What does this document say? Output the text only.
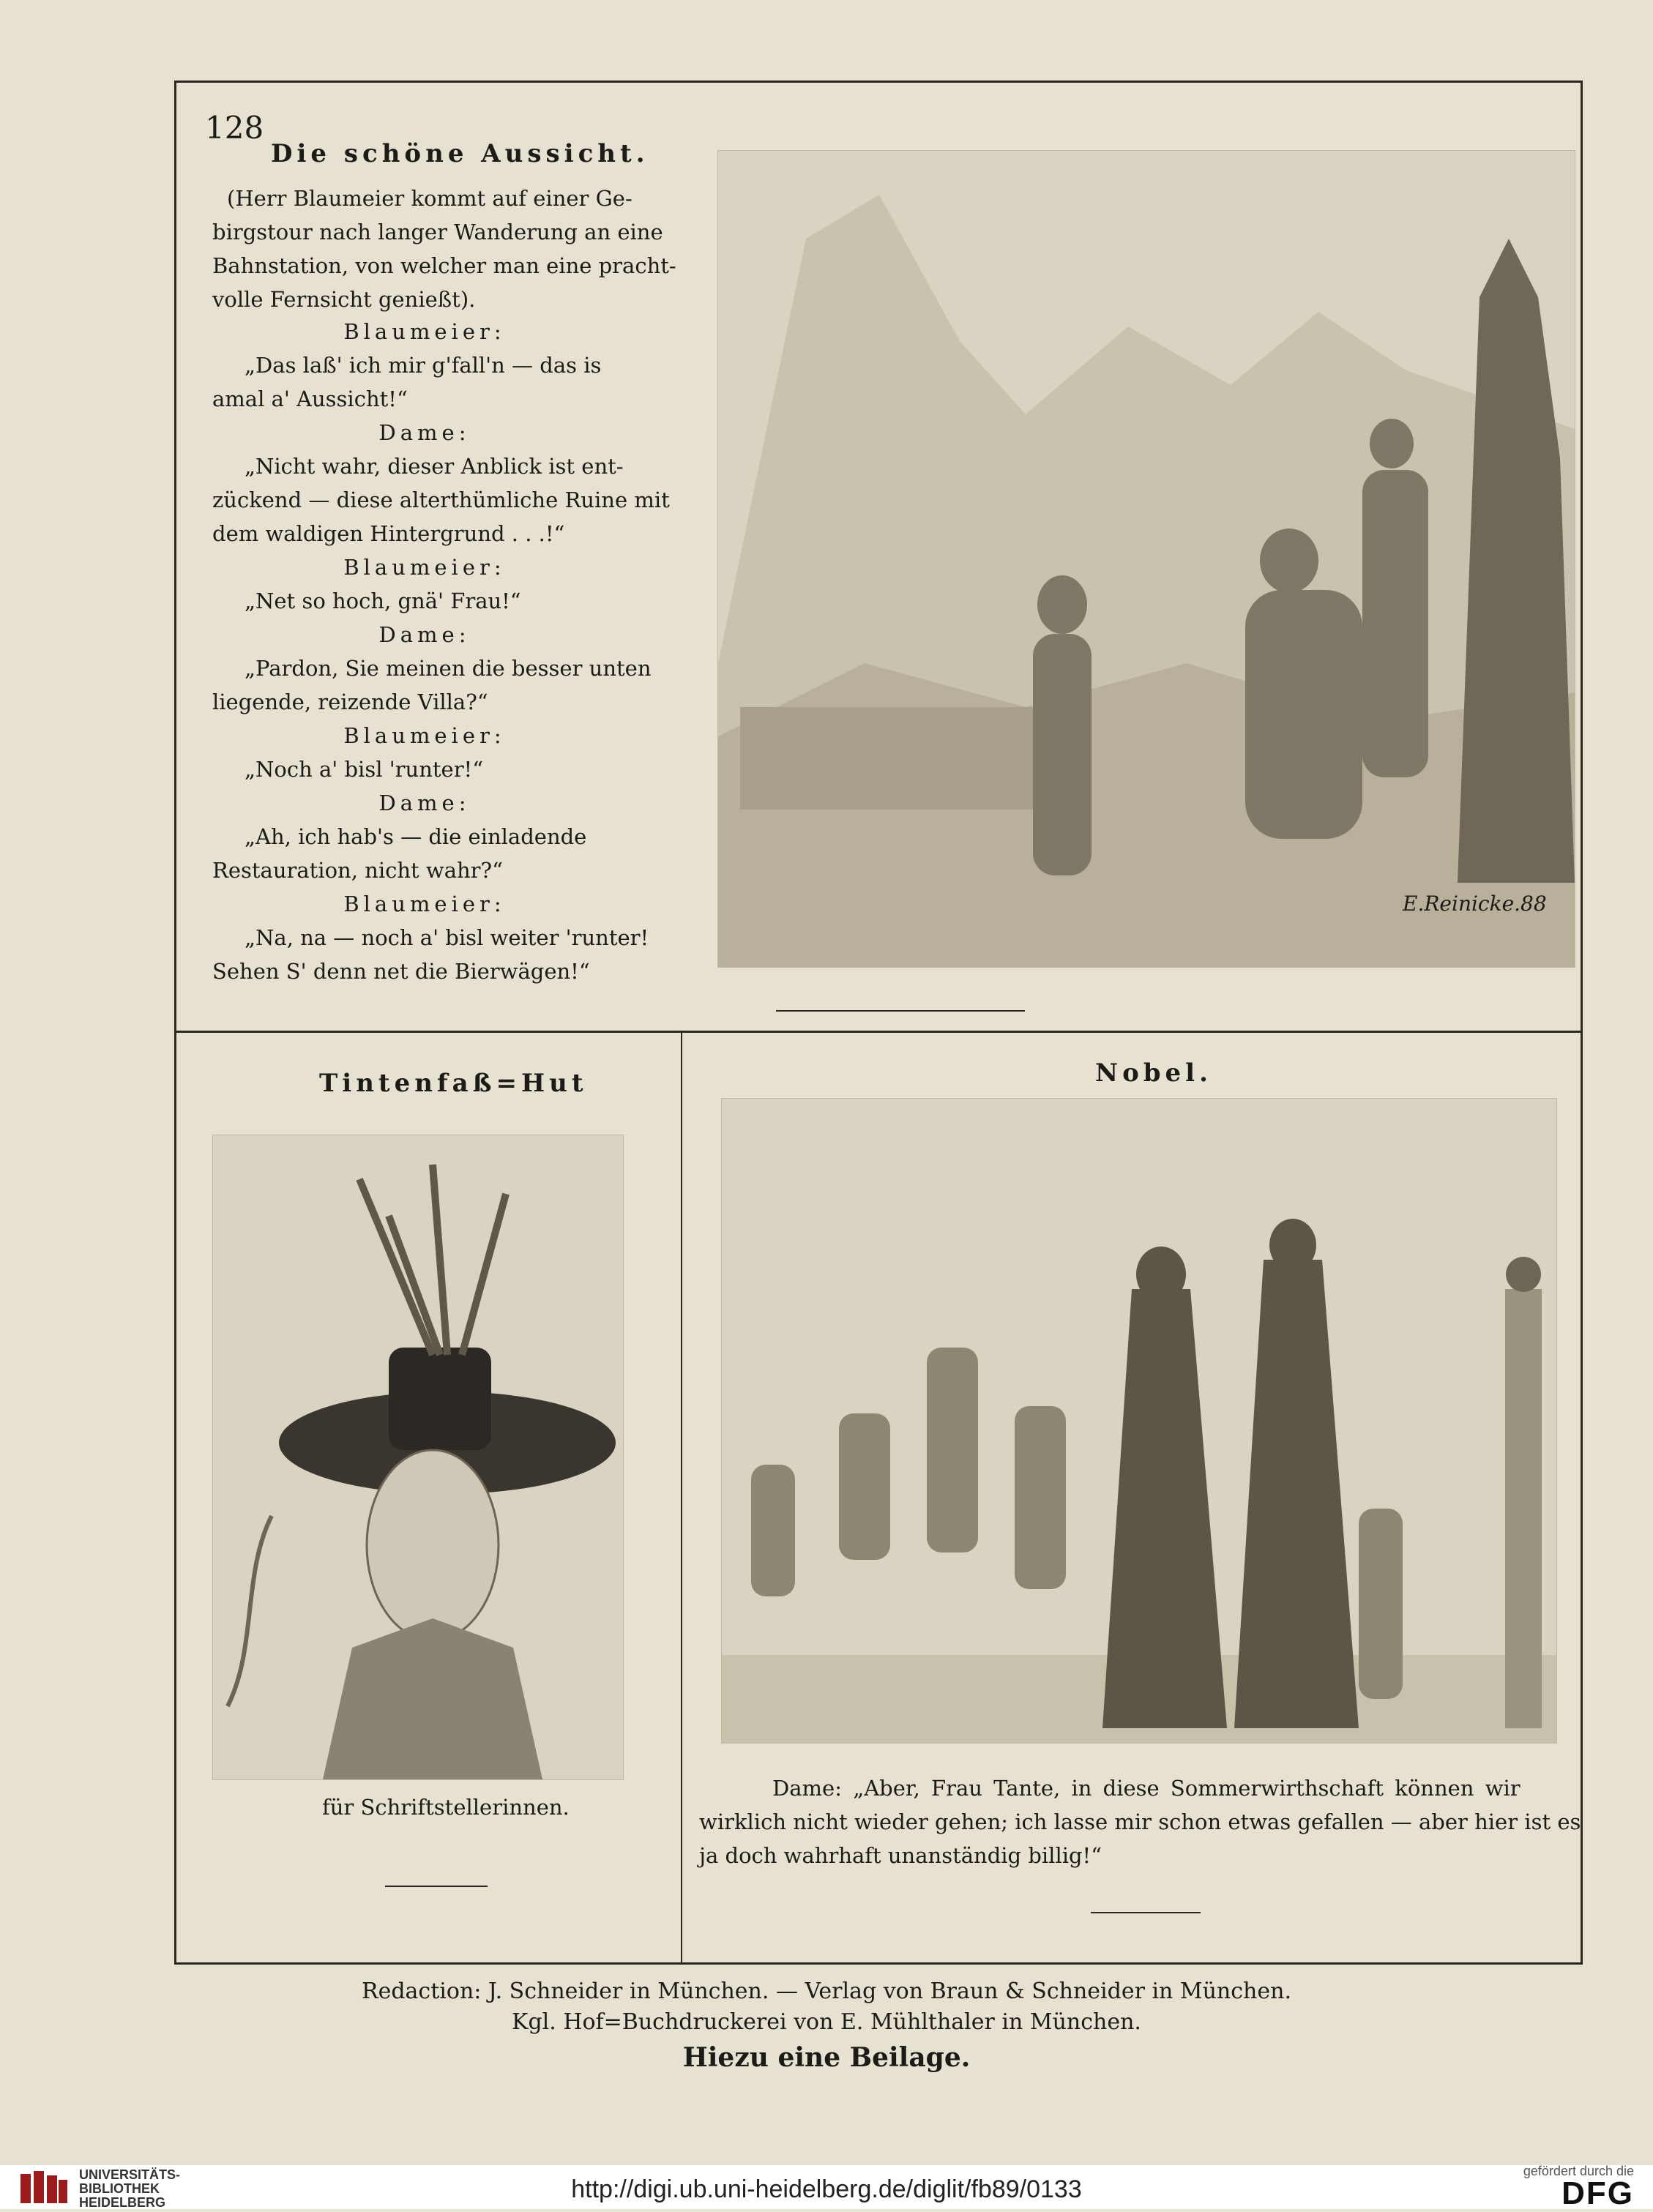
128
Die schöne Aussicht.
(Herr Blaumeier kommt auf einer Ge-
birgstour nach langer Wanderung an eine
Bahnstation, von welcher man eine pracht-
volle Fernsicht genießt).
Blaumeier:
„Das laß' ich mir g'fall'n — das is
amal a' Aussicht!“
Dame:
„Nicht wahr, dieser Anblick ist ent-
zückend — diese alterthümliche Ruine mit
dem waldigen Hintergrund . . .!“
Blaumeier:
„Net so hoch, gnä' Frau!“
Dame:
„Pardon, Sie meinen die besser unten
liegende, reizende Villa?“
Blaumeier:
„Noch a' bisl 'runter!“
Dame:
„Ah, ich hab's — die einladende
Restauration, nicht wahr?“
Blaumeier:
„Na, na — noch a' bisl weiter 'runter!
Sehen S' denn net die Bierwägen!“
E.Reinicke.88
Tintenfaß=Hut
für Schriftstellerinnen.
Nobel.
Dame: „Aber, Frau Tante, in diese Sommerwirthschaft können wir
wirklich nicht wieder gehen; ich lasse mir schon etwas gefallen — aber hier ist es
ja doch wahrhaft unanständig billig!“
Redaction: J. Schneider in München. — Verlag von Braun & Schneider in München.
Kgl. Hof=Buchdruckerei von E. Mühlthaler in München.
Hiezu eine Beilage.
UNIVERSITÄTS-
BIBLIOTHEK
HEIDELBERG	http://digi.ub.uni-heidelberg.de/diglit/fb89/0133
gefördert durch die
DFG
